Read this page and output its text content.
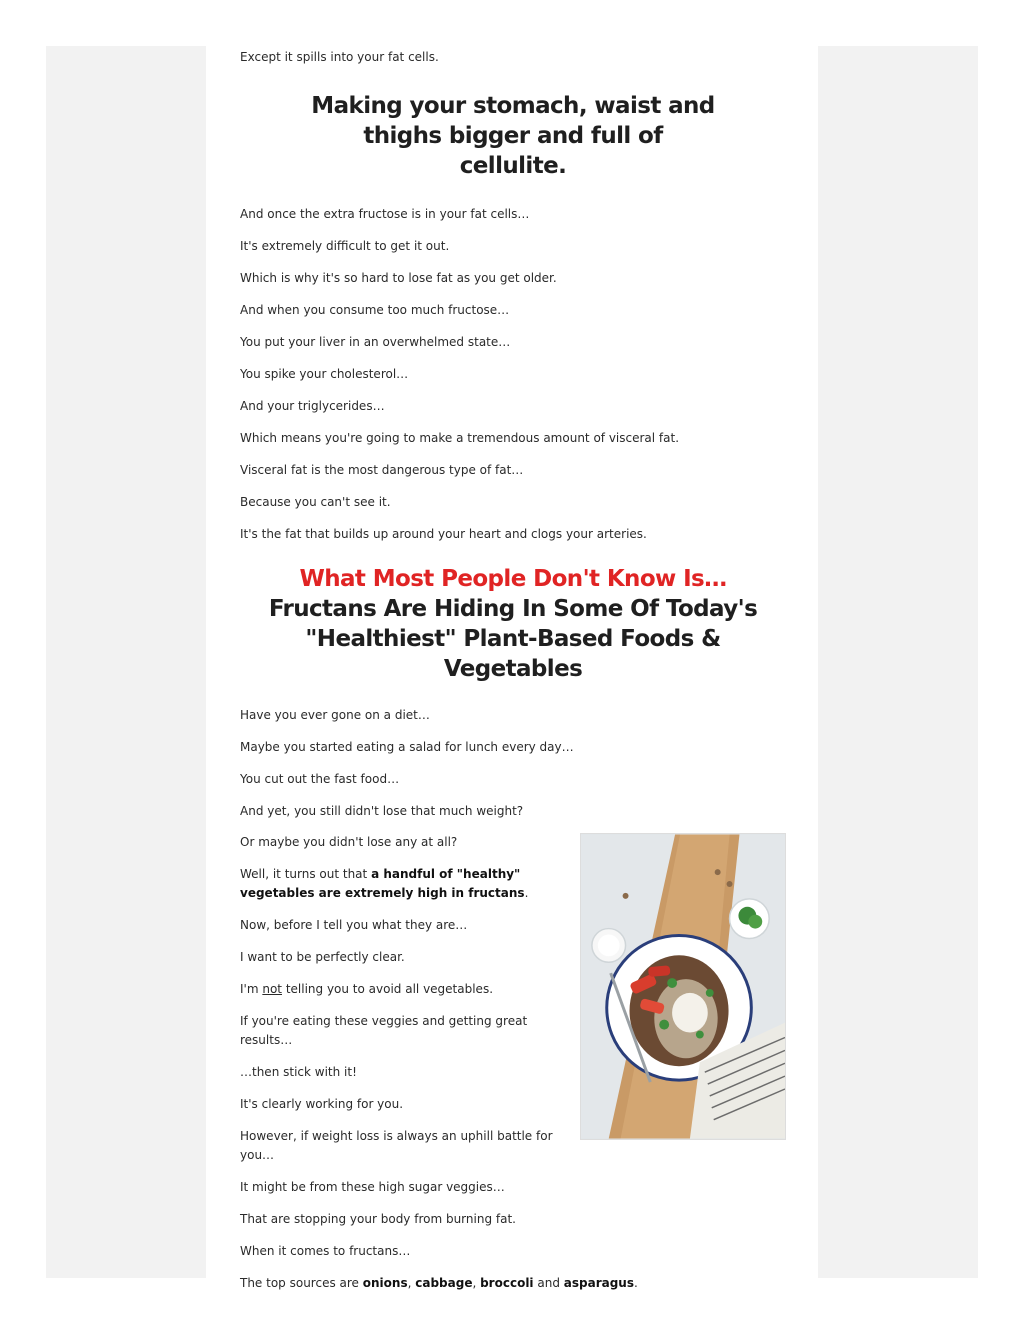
Except it spills into your fat cells.

Making your stomach, waist and thighs bigger and full of cellulite.

And once the extra fructose is in your fat cells…

It's extremely difficult to get it out.

Which is why it's so hard to lose fat as you get older.

And when you consume too much fructose…

You put your liver in an overwhelmed state…

You spike your cholesterol…

And your triglycerides…

Which means you're going to make a tremendous amount of visceral fat.

Visceral fat is the most dangerous type of fat…

Because you can't see it.

It's the fat that builds up around your heart and clogs your arteries.

What Most People Don't Know Is…
Fructans Are Hiding In Some Of Today's "Healthiest" Plant-Based Foods & Vegetables

Have you ever gone on a diet…

Maybe you started eating a salad for lunch every day…

You cut out the fast food…

And yet, you still didn't lose that much weight?

Or maybe you didn't lose any at all?

Well, it turns out that a handful of "healthy" vegetables are extremely high in fructans.

Now, before I tell you what they are…

I want to be perfectly clear.

I'm not telling you to avoid all vegetables.

If you're eating these veggies and getting great results…

…then stick with it!

It's clearly working for you.

However, if weight loss is always an uphill battle for you…

It might be from these high sugar veggies…

That are stopping your body from burning fat.

When it comes to fructans…

The top sources are onions, cabbage, broccoli and asparagus.
